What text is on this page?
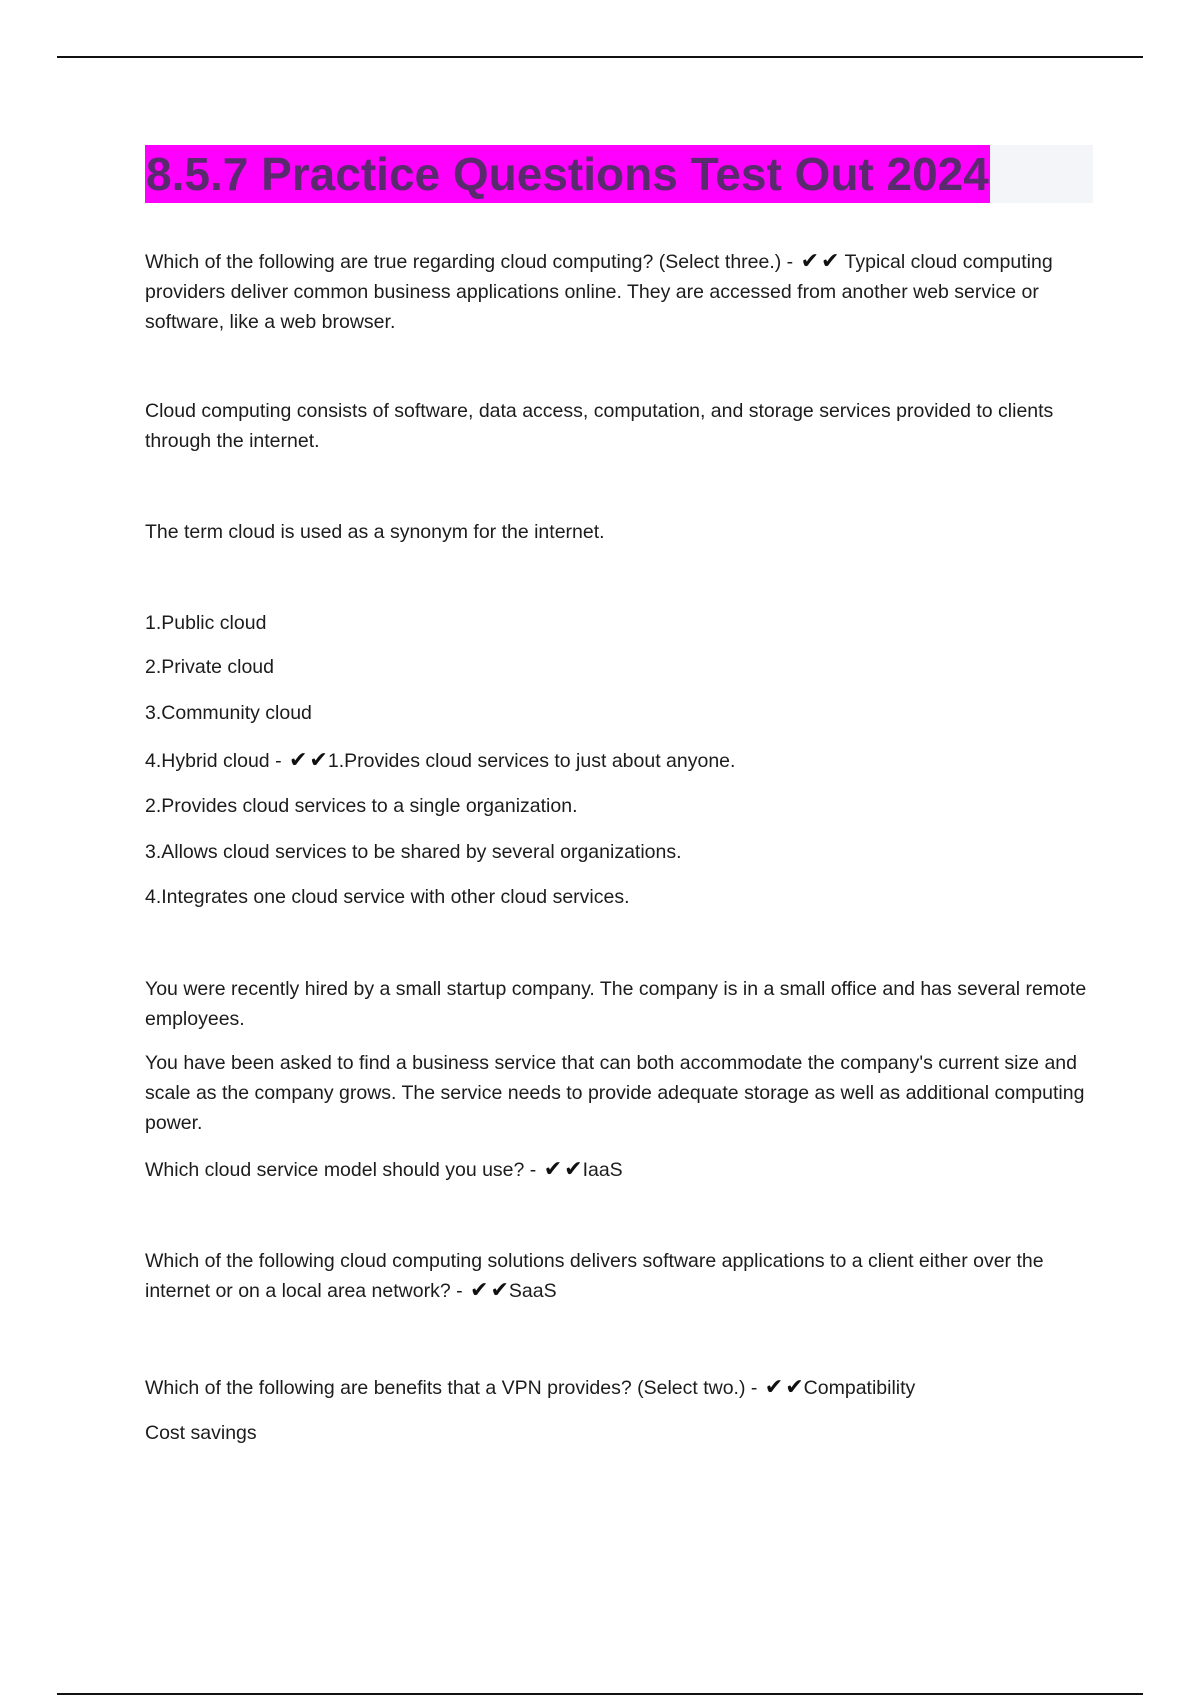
8.5.7 Practice Questions Test Out 2024

Which of the following are true regarding cloud computing? (Select three.) - ✔✔ Typical cloud computing providers deliver common business applications online. They are accessed from another web service or software, like a web browser.

Cloud computing consists of software, data access, computation, and storage services provided to clients through the internet.

The term cloud is used as a synonym for the internet.

1.Public cloud

2.Private cloud

3.Community cloud

4.Hybrid cloud - ✔✔1.Provides cloud services to just about anyone.

2.Provides cloud services to a single organization.

3.Allows cloud services to be shared by several organizations.

4.Integrates one cloud service with other cloud services.

You were recently hired by a small startup company. The company is in a small office and has several remote employees.

You have been asked to find a business service that can both accommodate the company's current size and scale as the company grows. The service needs to provide adequate storage as well as additional computing power.

Which cloud service model should you use? - ✔✔IaaS

Which of the following cloud computing solutions delivers software applications to a client either over the internet or on a local area network? - ✔✔SaaS

Which of the following are benefits that a VPN provides? (Select two.) - ✔✔Compatibility

Cost savings
